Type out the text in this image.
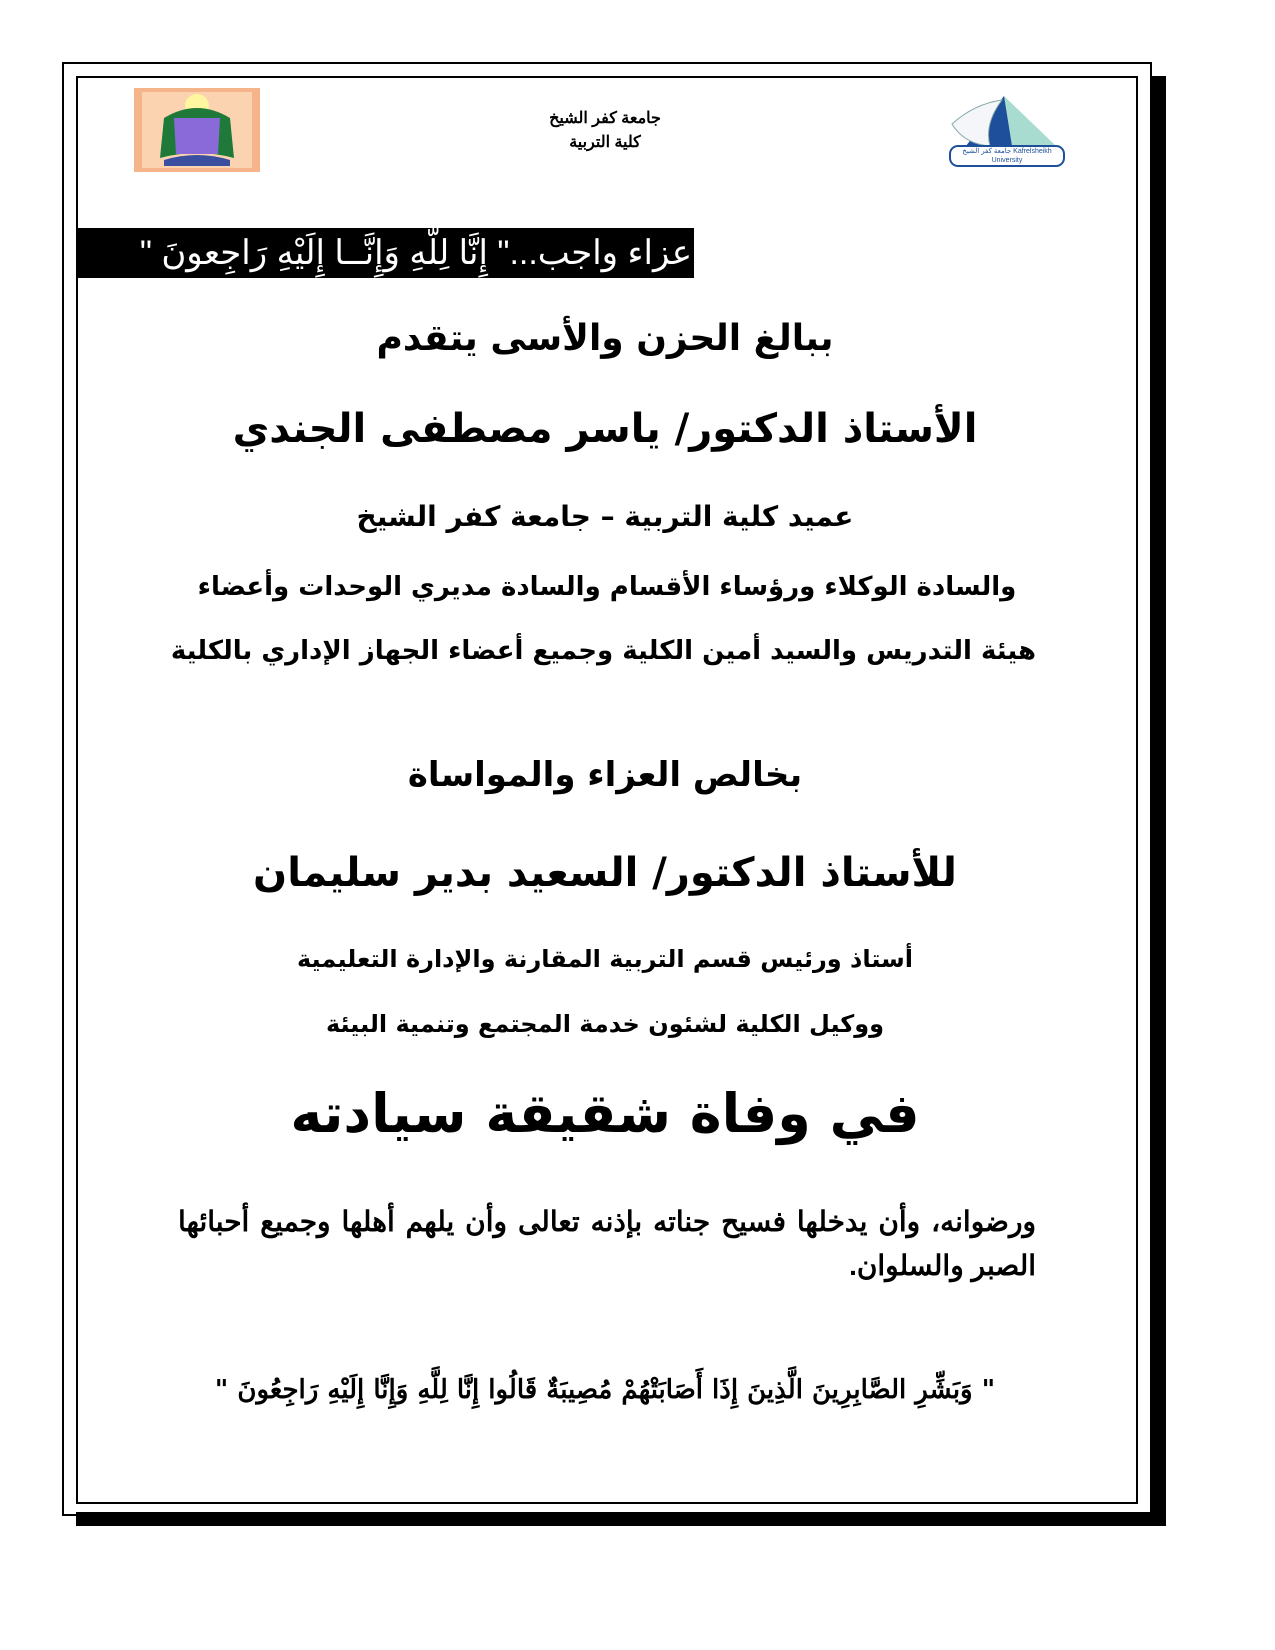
جامعة كفر الشيخ
كلية التربية
جامعة كفر الشيخ Kafrelsheikh University
عزاء واجب..." إِنَّا لِلَّهِ وَإِنَّــا إِلَيْهِ رَاجِعونَ "
ببالغ الحزن والأسى يتقدم
الأستاذ الدكتور/ ياسر مصطفى الجندي
عميد كلية التربية – جامعة كفر الشيخ
والسادة الوكلاء ورؤساء الأقسام والسادة مديري الوحدات وأعضاء
هيئة التدريس والسيد أمين الكلية وجميع أعضاء الجهاز الإداري بالكلية
بخالص العزاء والمواساة
للأستاذ الدكتور/ السعيد بدير سليمان
أستاذ ورئيس قسم التربية المقارنة والإدارة التعليمية
ووكيل الكلية لشئون خدمة المجتمع وتنمية البيئة
في وفاة شقيقة سيادته
ورضوانه، وأن يدخلها فسيح جناته بإذنه تعالى وأن يلهم أهلها وجميع أحبائها الصبر والسلوان.
" وَبَشِّرِ الصَّابِرِينَ الَّذِينَ إِذَا أَصَابَتْهُمْ مُصِيبَةٌ قَالُوا إِنَّا لِلَّهِ وَإِنَّا إِلَيْهِ رَاجِعُونَ "
